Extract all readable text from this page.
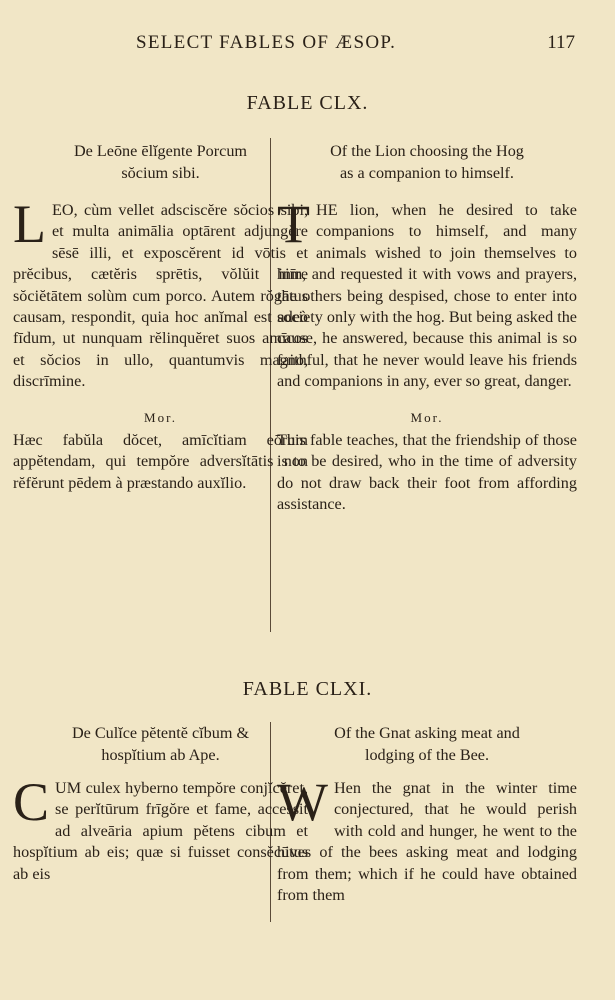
SELECT FABLES OF ÆSOP.	117
FABLE CLX.
De Leōne ēlĭgente Porcum
sŏcium sibi.
LEO, cùm vellet adsciscĕre sŏcios sibi, et multa animālia optārent adjungĕre sēsē illi, et exposcĕrent id vōtis et prĕcibus, cætĕris sprētis, vŏlŭit inīre sŏciĕtātem solùm cum porco. Autem rŏgātus causam, respondit, quia hoc anĭmal est adeò fīdum, ut nunquam rĕlinquĕret suos amīcos et sŏcios in ullo, quantumvis magno, discrīmine.
Mor.
Hæc fabŭla dŏcet, amīcĭtiam eōrum appĕtendam, qui tempŏre adversĭtātis non rĕfĕrunt pēdem à præstando auxĭlio.
Of the Lion choosing the Hog
as a companion to himself.
THE lion, when he desired to take companions to himself, and many animals wished to join themselves to him, and requested it with vows and prayers, the others being despised, chose to enter into society only with the hog. But being asked the cause, he answered, because this animal is so faithful, that he never would leave his friends and companions in any, ever so great, danger.
Mor.
This fable teaches, that the friendship of those is to be desired, who in the time of adversity do not draw back their foot from affording assistance.
FABLE CLXI.
De Culĭce pĕtentĕ cĭbum &
hospĭtium ab Ape.
CUM culex hyberno tempŏre conjĭcĕret, se perĭtūrum frīgŏre et fame, accessit ad alveāria apium pĕtens cibum et hospĭtium ab eis; quæ si fuisset consĕcūtus ab eis
Of the Gnat asking meat and
lodging of the Bee.
W Hen the gnat in the winter time conjectured, that he would perish with cold and hunger, he went to the hives of the bees asking meat and lodging from them; which if he could have obtained from them
